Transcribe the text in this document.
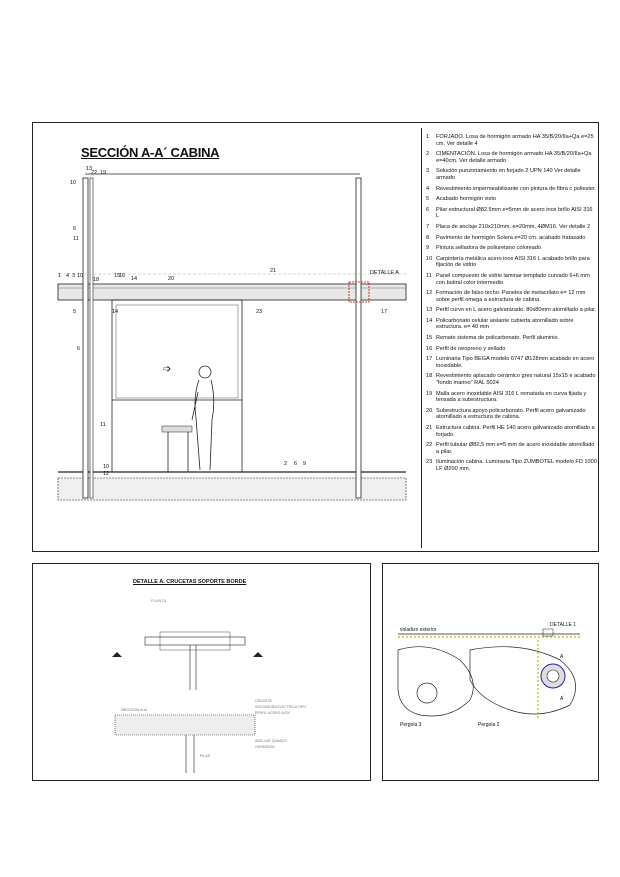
SECCIÓN A-A´ CABINA
➩
10
13
22 19
6
11
1 4 3 10
18
15
16 14	20
21	DETALLE A
5	14	23	17
6
11
2 6 9
10
12
1	FORJADO. Losa de hormigón armado HA 35/B/20/IIa+Qa e=25 cm. Ver detalle 4
2	CIMENTACIÓN. Losa de hormigón armado HA 35/B/20/IIa+Qa e=40cm. Ver detalle armado
3	Solución punzonamiento en forjado 2 UPN 140 Ver detalle armado
4	Revestimiento impermeabilizante con pintura de fibra c poliester.
5	Acabado hormigón visto
6	Pilar estructural Ø82.5mm e=5mm de acero inox brillo AISI 316 L
7	Placa de anclaje 210x210mm, e=20mm, 4ØM16. Ver detalle 2
8	Pavimento de hormigón Solera e=20 cm. acabado fratasado
9	Pintura selladora de poliuretano coloreado
10 Carpintería metálica acero inox AISI 316 L acabado brillo para fijación de vidrio
11 Panel compuesto de vidrio laminar templado curvado 6+6 mm con butiral color intermedio
12 Formación de falso techo. Paneles de metacrilato e= 12 mm sobre perfil omega a estructura de cabina
13 Perfil curvo en L acero galvanizado. 80x80mm atornillado a pilar.
14 Policarbonato celular aislante cubierta atornillado sobre estructura. e= 40 mm
15 Remate sistema de policarbonato. Perfil aluminio.
16 Perfil de neopreno y sellado
17 Luminaria Tipo BEGA modelo 6747 Ø128mm acabado en acero inoxidable.
18 Revestimiento aplacado cerámico gres natural 15x15 e acabado "fondo marino" RAL 5024
19 Malla acero inoxidable AISI 316 L rematada en curva fijada y tensada a subestructura.
20 Subestructura apoyo policarbonato. Perfil acero galvanizado atornillado a estructura de cabina.
21 Estructura cabina. Perfil HE 140 acero galvanizado atornillado a forjado.
22 Perfil tubular Ø82,5 mm e=5 mm de acero inoxidable atornillado a pilar.
23 Iluminación cabina. Luminaria Tipo ZUMBOTEL modelo FD 1000 LF Ø200 mm.
DETALLE A. CRUCETAS SOPORTE BORDE
PLANTA
SECCION A-A´
CRUCETA
SOLDADURA ELECTRICA TIPO
PERFIL ACERO INOX
ANCLAJE QUIMICO
HORMIGON
PILAR
voladizo exterior
DETALLE 1
Pergola 3	Pergola 2
A
A´
